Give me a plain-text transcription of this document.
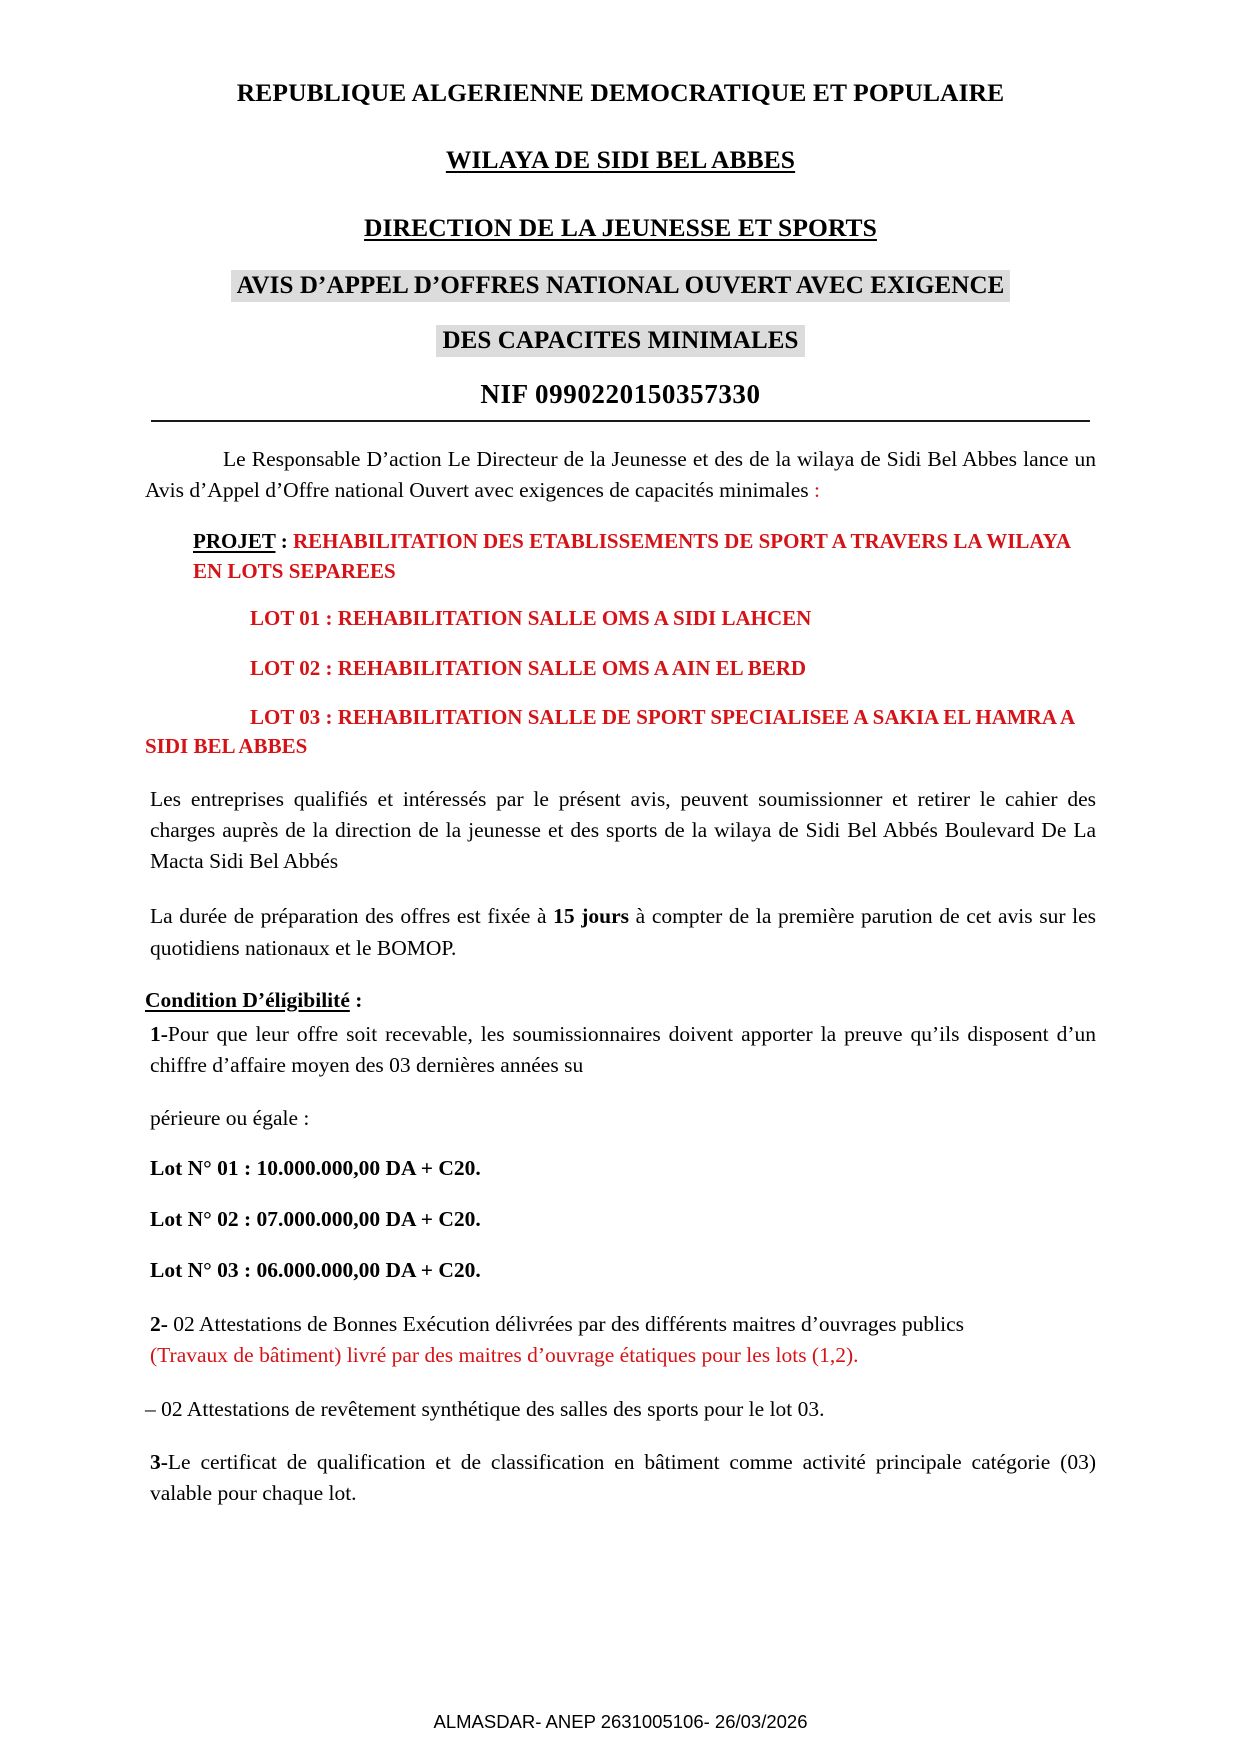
REPUBLIQUE ALGERIENNE DEMOCRATIQUE ET POPULAIRE
WILAYA DE SIDI BEL ABBES
DIRECTION DE LA JEUNESSE ET SPORTS
AVIS D’APPEL D’OFFRES NATIONAL OUVERT AVEC EXIGENCE
DES CAPACITES MINIMALES
NIF 0990220150357330

Le Responsable D’action Le Directeur de la Jeunesse et des de la wilaya de Sidi Bel Abbes lance un Avis d’Appel d’Offre national Ouvert avec exigences de capacités minimales :

PROJET : REHABILITATION DES ETABLISSEMENTS DE SPORT A TRAVERS LA WILAYA EN LOTS SEPAREES

LOT 01 : REHABILITATION SALLE OMS A SIDI LAHCEN

LOT 02 : REHABILITATION SALLE OMS A AIN EL BERD

LOT 03 : REHABILITATION SALLE DE SPORT SPECIALISEE A SAKIA EL HAMRA A SIDI BEL ABBES

Les entreprises qualifiés et intéressés par le présent avis, peuvent soumissionner et retirer le cahier des charges auprès de la direction de la jeunesse et des sports de la wilaya de Sidi Bel Abbés Boulevard De La Macta Sidi Bel Abbés

La durée de préparation des offres est fixée à 15 jours à compter de la première parution de cet avis sur les quotidiens nationaux et le BOMOP.

Condition D’éligibilité :

1-Pour que leur offre soit recevable, les soumissionnaires doivent apporter la preuve qu’ils disposent d’un chiffre d’affaire moyen des 03 dernières années su

périeure ou égale :

Lot N° 01 : 10.000.000,00 DA + C20.

Lot N° 02 : 07.000.000,00 DA + C20.

Lot N° 03 : 06.000.000,00 DA + C20.

2- 02 Attestations de Bonnes Exécution délivrées par des différents maitres d’ouvrages publics
(Travaux de bâtiment) livré par des maitres d’ouvrage étatiques pour les lots (1,2).

– 02 Attestations de revêtement synthétique des salles des sports pour le lot 03.

3-Le certificat de qualification et de classification en bâtiment comme activité principale catégorie (03) valable pour chaque lot.

ALMASDAR- ANEP 2631005106- 26/03/2026
